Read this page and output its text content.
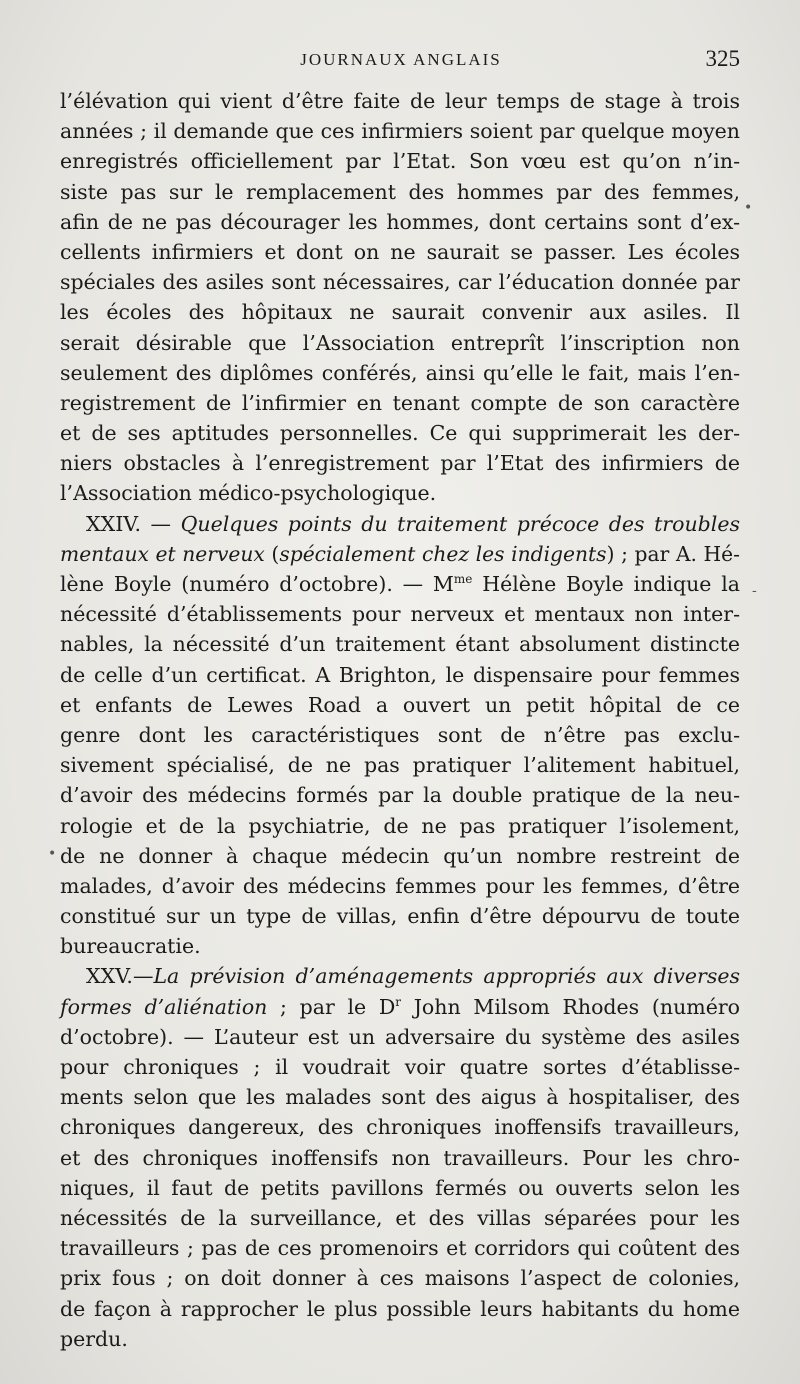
JOURNAUX ANGLAIS	325
•
-
•
l’élévation qui vient d’être faite de leur temps de stage à trois
années ; il demande que ces infirmiers soient par quelque moyen
enregistrés officiellement par l’Etat. Son vœu est qu’on n’in-
siste pas sur le remplacement des hommes par des femmes,
afin de ne pas décourager les hommes, dont certains sont d’ex-
cellents infirmiers et dont on ne saurait se passer. Les écoles
spéciales des asiles sont nécessaires, car l’éducation donnée par
les écoles des hôpitaux ne saurait convenir aux asiles. Il
serait désirable que l’Association entreprît l’inscription non
seulement des diplômes conférés, ainsi qu’elle le fait, mais l’en-
registrement de l’infirmier en tenant compte de son caractère
et de ses aptitudes personnelles. Ce qui supprimerait les der-
niers obstacles à l’enregistrement par l’Etat des infirmiers de
l’Association médico-psychologique.
XXIV. — Quelques points du traitement précoce des troubles
mentaux et nerveux (spécialement chez les indigents) ; par A. Hé-
lène Boyle (numéro d’octobre). — $M^{me}$ Hélène Boyle indique la
nécessité d’établissements pour nerveux et mentaux non inter-
nables, la nécessité d’un traitement étant absolument distincte
de celle d’un certificat. A Brighton, le dispensaire pour femmes
et enfants de Lewes Road a ouvert un petit hôpital de ce
genre dont les caractéristiques sont de n’être pas exclu-
sivement spécialisé, de ne pas pratiquer l’alitement habituel,
d’avoir des médecins formés par la double pratique de la neu-
rologie et de la psychiatrie, de ne pas pratiquer l’isolement,
de ne donner à chaque médecin qu’un nombre restreint de
malades, d’avoir des médecins femmes pour les femmes, d’être
constitué sur un type de villas, enfin d’être dépourvu de toute
bureaucratie.
XXV.—La prévision d’aménagements appropriés aux diverses
formes d’aliénation ; par le $D^r$ John Milsom Rhodes (numéro
d’octobre). — L’auteur est un adversaire du système des asiles
pour chroniques ; il voudrait voir quatre sortes d’établisse-
ments selon que les malades sont des aigus à hospitaliser, des
chroniques dangereux, des chroniques inoffensifs travailleurs,
et des chroniques inoffensifs non travailleurs. Pour les chro-
niques, il faut de petits pavillons fermés ou ouverts selon les
nécessités de la surveillance, et des villas séparées pour les
travailleurs ; pas de ces promenoirs et corridors qui coûtent des
prix fous ; on doit donner à ces maisons l’aspect de colonies,
de façon à rapprocher le plus possible leurs habitants du home
perdu.
